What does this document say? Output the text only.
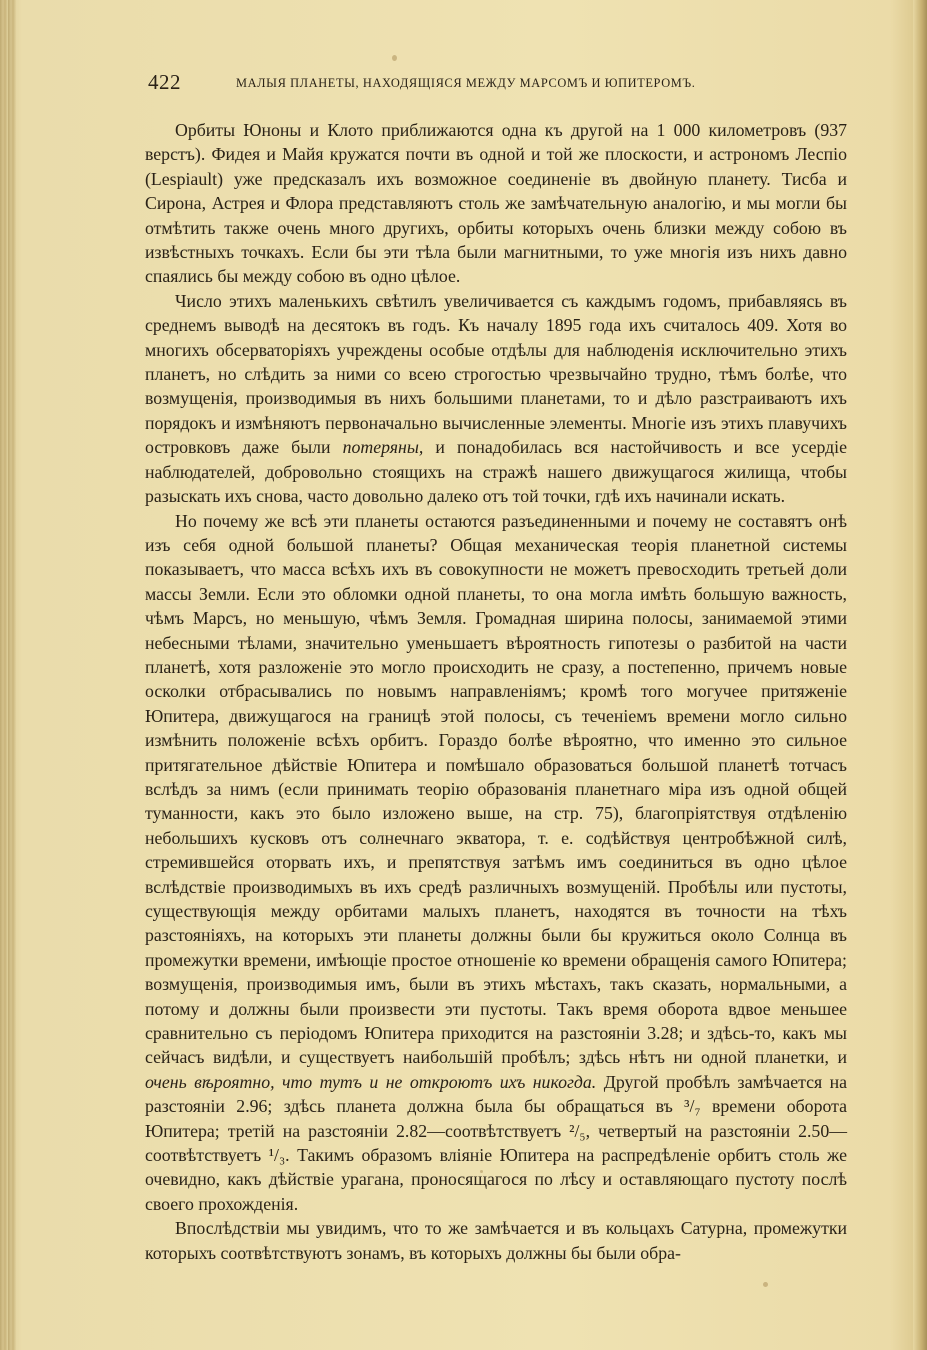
422	МАЛЫЯ ПЛАНЕТЫ, НАХОДЯЩІЯСЯ МЕЖДУ МАРСОМЪ И ЮПИТЕРОМЪ.

Орбиты Юноны и Клото приближаются одна къ другой на 1 000 километровъ (937 верстъ). Фидея и Майя кружатся почти въ одной и той же плоскости, и астрономъ Леспіо (Lespiault) уже предсказалъ ихъ возможное соединеніе въ двойную планету. Тисба и Сирона, Астрея и Флора представляютъ столь же замѣчательную аналогію, и мы могли бы отмѣтить также очень много другихъ, орбиты которыхъ очень близки между собою въ извѣстныхъ точкахъ. Если бы эти тѣла были магнитными, то уже многія изъ нихъ давно спаялись бы между собою въ одно цѣлое.

Число этихъ маленькихъ свѣтилъ увеличивается съ каждымъ годомъ, прибавляясь въ среднемъ выводѣ на десятокъ въ годъ. Къ началу 1895 года ихъ считалось 409. Хотя во многихъ обсерваторіяхъ учреждены особые отдѣлы для наблюденія исключительно этихъ планетъ, но слѣдить за ними со всею строгостью чрезвычайно трудно, тѣмъ болѣе, что возмущенія, производимыя въ нихъ большими планетами, то и дѣло разстраиваютъ ихъ порядокъ и измѣняютъ первоначально вычисленные элементы. Многіе изъ этихъ плавучихъ островковъ даже были потеряны, и понадобилась вся настойчивость и все усердіе наблюдателей, добровольно стоящихъ на стражѣ нашего движущагося жилища, чтобы разыскать ихъ снова, часто довольно далеко отъ той точки, гдѣ ихъ начинали искать.

Но почему же всѣ эти планеты остаются разъединенными и почему не составятъ онѣ изъ себя одной большой планеты? Общая механическая теорія планетной системы показываетъ, что масса всѣхъ ихъ въ совокупности не можетъ превосходить третьей доли массы Земли. Если это обломки одной планеты, то она могла имѣть большую важность, чѣмъ Марсъ, но меньшую, чѣмъ Земля. Громадная ширина полосы, занимаемой этими небесными тѣлами, значительно уменьшаетъ вѣроятность гипотезы о разбитой на части планетѣ, хотя разложеніе это могло происходить не сразу, а постепенно, причемъ новые осколки отбрасывались по новымъ направленіямъ; кромѣ того могучее притяженіе Юпитера, движущагося на границѣ этой полосы, съ теченіемъ времени могло сильно измѣнить положеніе всѣхъ орбитъ. Гораздо болѣе вѣроятно, что именно это сильное притягательное дѣйствіе Юпитера и помѣшало образоваться большой планетѣ тотчасъ вслѣдъ за нимъ (если принимать теорію образованія планетнаго міра изъ одной общей туманности, какъ это было изложено выше, на стр. 75), благопріятствуя отдѣленію небольшихъ кусковъ отъ солнечнаго экватора, т. е. содѣйствуя центробѣжной силѣ, стремившейся оторвать ихъ, и препятствуя затѣмъ имъ соединиться въ одно цѣлое вслѣдствіе производимыхъ въ ихъ средѣ различныхъ возмущеній. Пробѣлы или пустоты, существующія между орбитами малыхъ планетъ, находятся въ точности на тѣхъ разстояніяхъ, на которыхъ эти планеты должны были бы кружиться около Солнца въ промежутки времени, имѣющіе простое отношеніе ко времени обращенія самого Юпитера; возмущенія, производимыя имъ, были въ этихъ мѣстахъ, такъ сказать, нормальными, а потому и должны были произвести эти пустоты. Такъ время оборота вдвое меньшее сравнительно съ періодомъ Юпитера приходится на разстояніи 3.28; и здѣсь-то, какъ мы сейчасъ видѣли, и существуетъ наибольшій пробѣлъ; здѣсь нѣтъ ни одной планетки, и очень вѣроятно, что тутъ и не откроютъ ихъ никогда. Другой пробѣлъ замѣчается на разстояніи 2.96; здѣсь планета должна была бы обращаться въ ³/₇ времени оборота Юпитера; третій на разстояніи 2.82—соотвѣтствуетъ ²/₅, четвертый на разстояніи 2.50—соотвѣтствуетъ ¹/₃. Такимъ образомъ вліяніе Юпитера на распредѣленіе орбитъ столь же очевидно, какъ дѣйствіе урагана, проносящагося по лѣсу и оставляющаго пустоту послѣ своего прохожденія.

Впослѣдствіи мы увидимъ, что то же замѣчается и въ кольцахъ Сатурна, промежутки которыхъ соотвѣтствуютъ зонамъ, въ которыхъ должны бы были обра-
